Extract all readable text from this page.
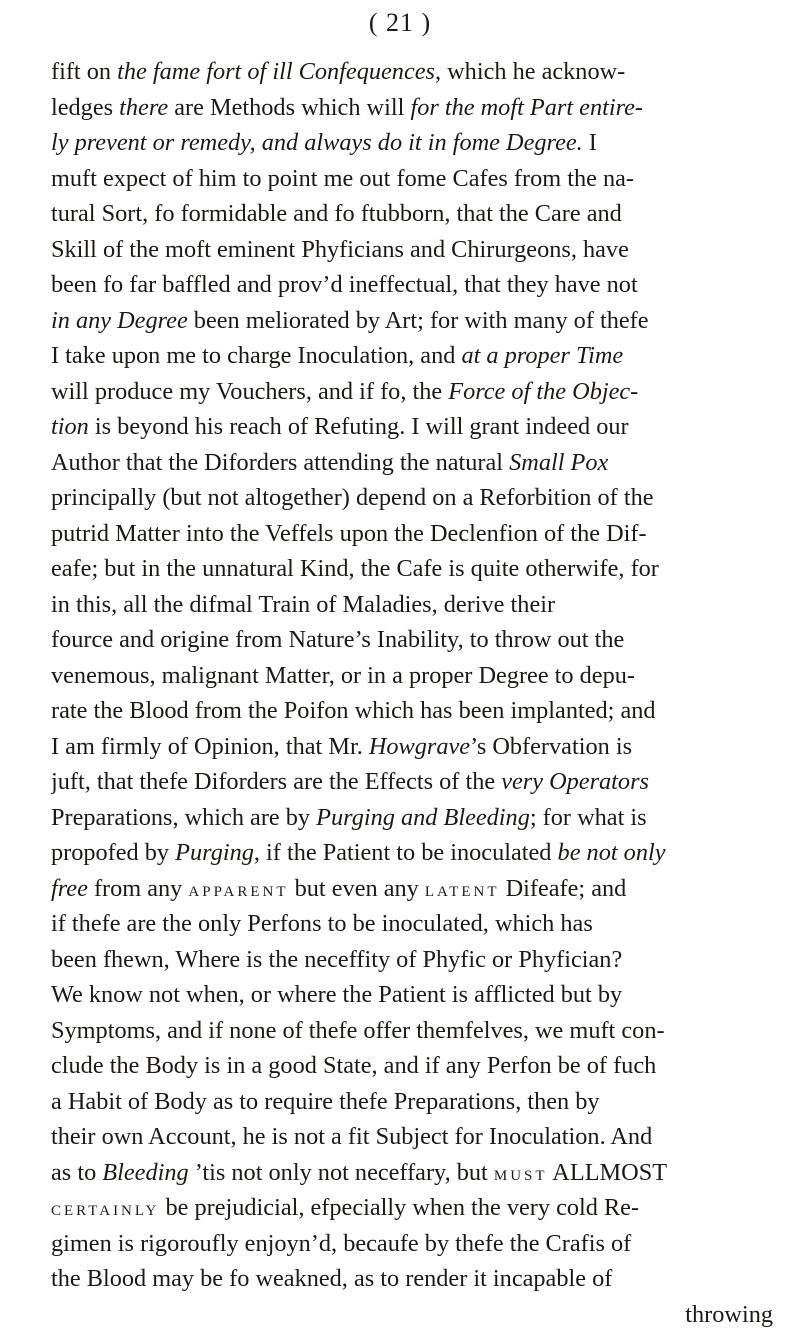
( 21 )
fift on the fame fort of ill Confequences, which he acknow-
ledges there are Methods which will for the moft Part entire-
ly prevent or remedy, and always do it in fome Degree. I
muft expect of him to point me out fome Cafes from the na-
tural Sort, fo formidable and fo ftubborn, that the Care and
Skill of the moft eminent Phyficians and Chirurgeons, have
been fo far baffled and prov’d ineffectual, that they have not
in any Degree been meliorated by Art; for with many of thefe
I take upon me to charge Inoculation, and at a proper Time
will produce my Vouchers, and if fo, the Force of the Objec-
tion is beyond his reach of Refuting. I will grant indeed our
Author that the Diforders attending the natural Small Pox
principally (but not altogether) depend on a Reforbition of the
putrid Matter into the Veffels upon the Declenfion of the Dif-
eafe; but in the unnatural Kind, the Cafe is quite otherwife, for
in this, all the difmal Train of Maladies, derive their
fource and origine from Nature’s Inability, to throw out the
venemous, malignant Matter, or in a proper Degree to depu-
rate the Blood from the Poifon which has been implanted; and
I am firmly of Opinion, that Mr. Howgrave’s Obfervation is
juft, that thefe Diforders are the Effects of the very Operators
Preparations, which are by Purging and Bleeding; for what is
propofed by Purging, if the Patient to be inoculated be not only
free from any APPARENT but even any LATENT Difeafe; and
if thefe are the only Perfons to be inoculated, which has
been fhewn, Where is the neceffity of Phyfic or Phyfician?
We know not when, or where the Patient is afflicted but by
Symptoms, and if none of thefe offer themfelves, we muft con-
clude the Body is in a good State, and if any Perfon be of fuch
a Habit of Body as to require thefe Preparations, then by
their own Account, he is not a fit Subject for Inoculation. And
as to Bleeding ’tis not only not neceffary, but MUST ALLMOST
CERTAINLY be prejudicial, efpecially when the very cold Re-
gimen is rigoroufly enjoyn’d, becaufe by thefe the Crafis of
the Blood may be fo weakned, as to render it incapable of
throwing
